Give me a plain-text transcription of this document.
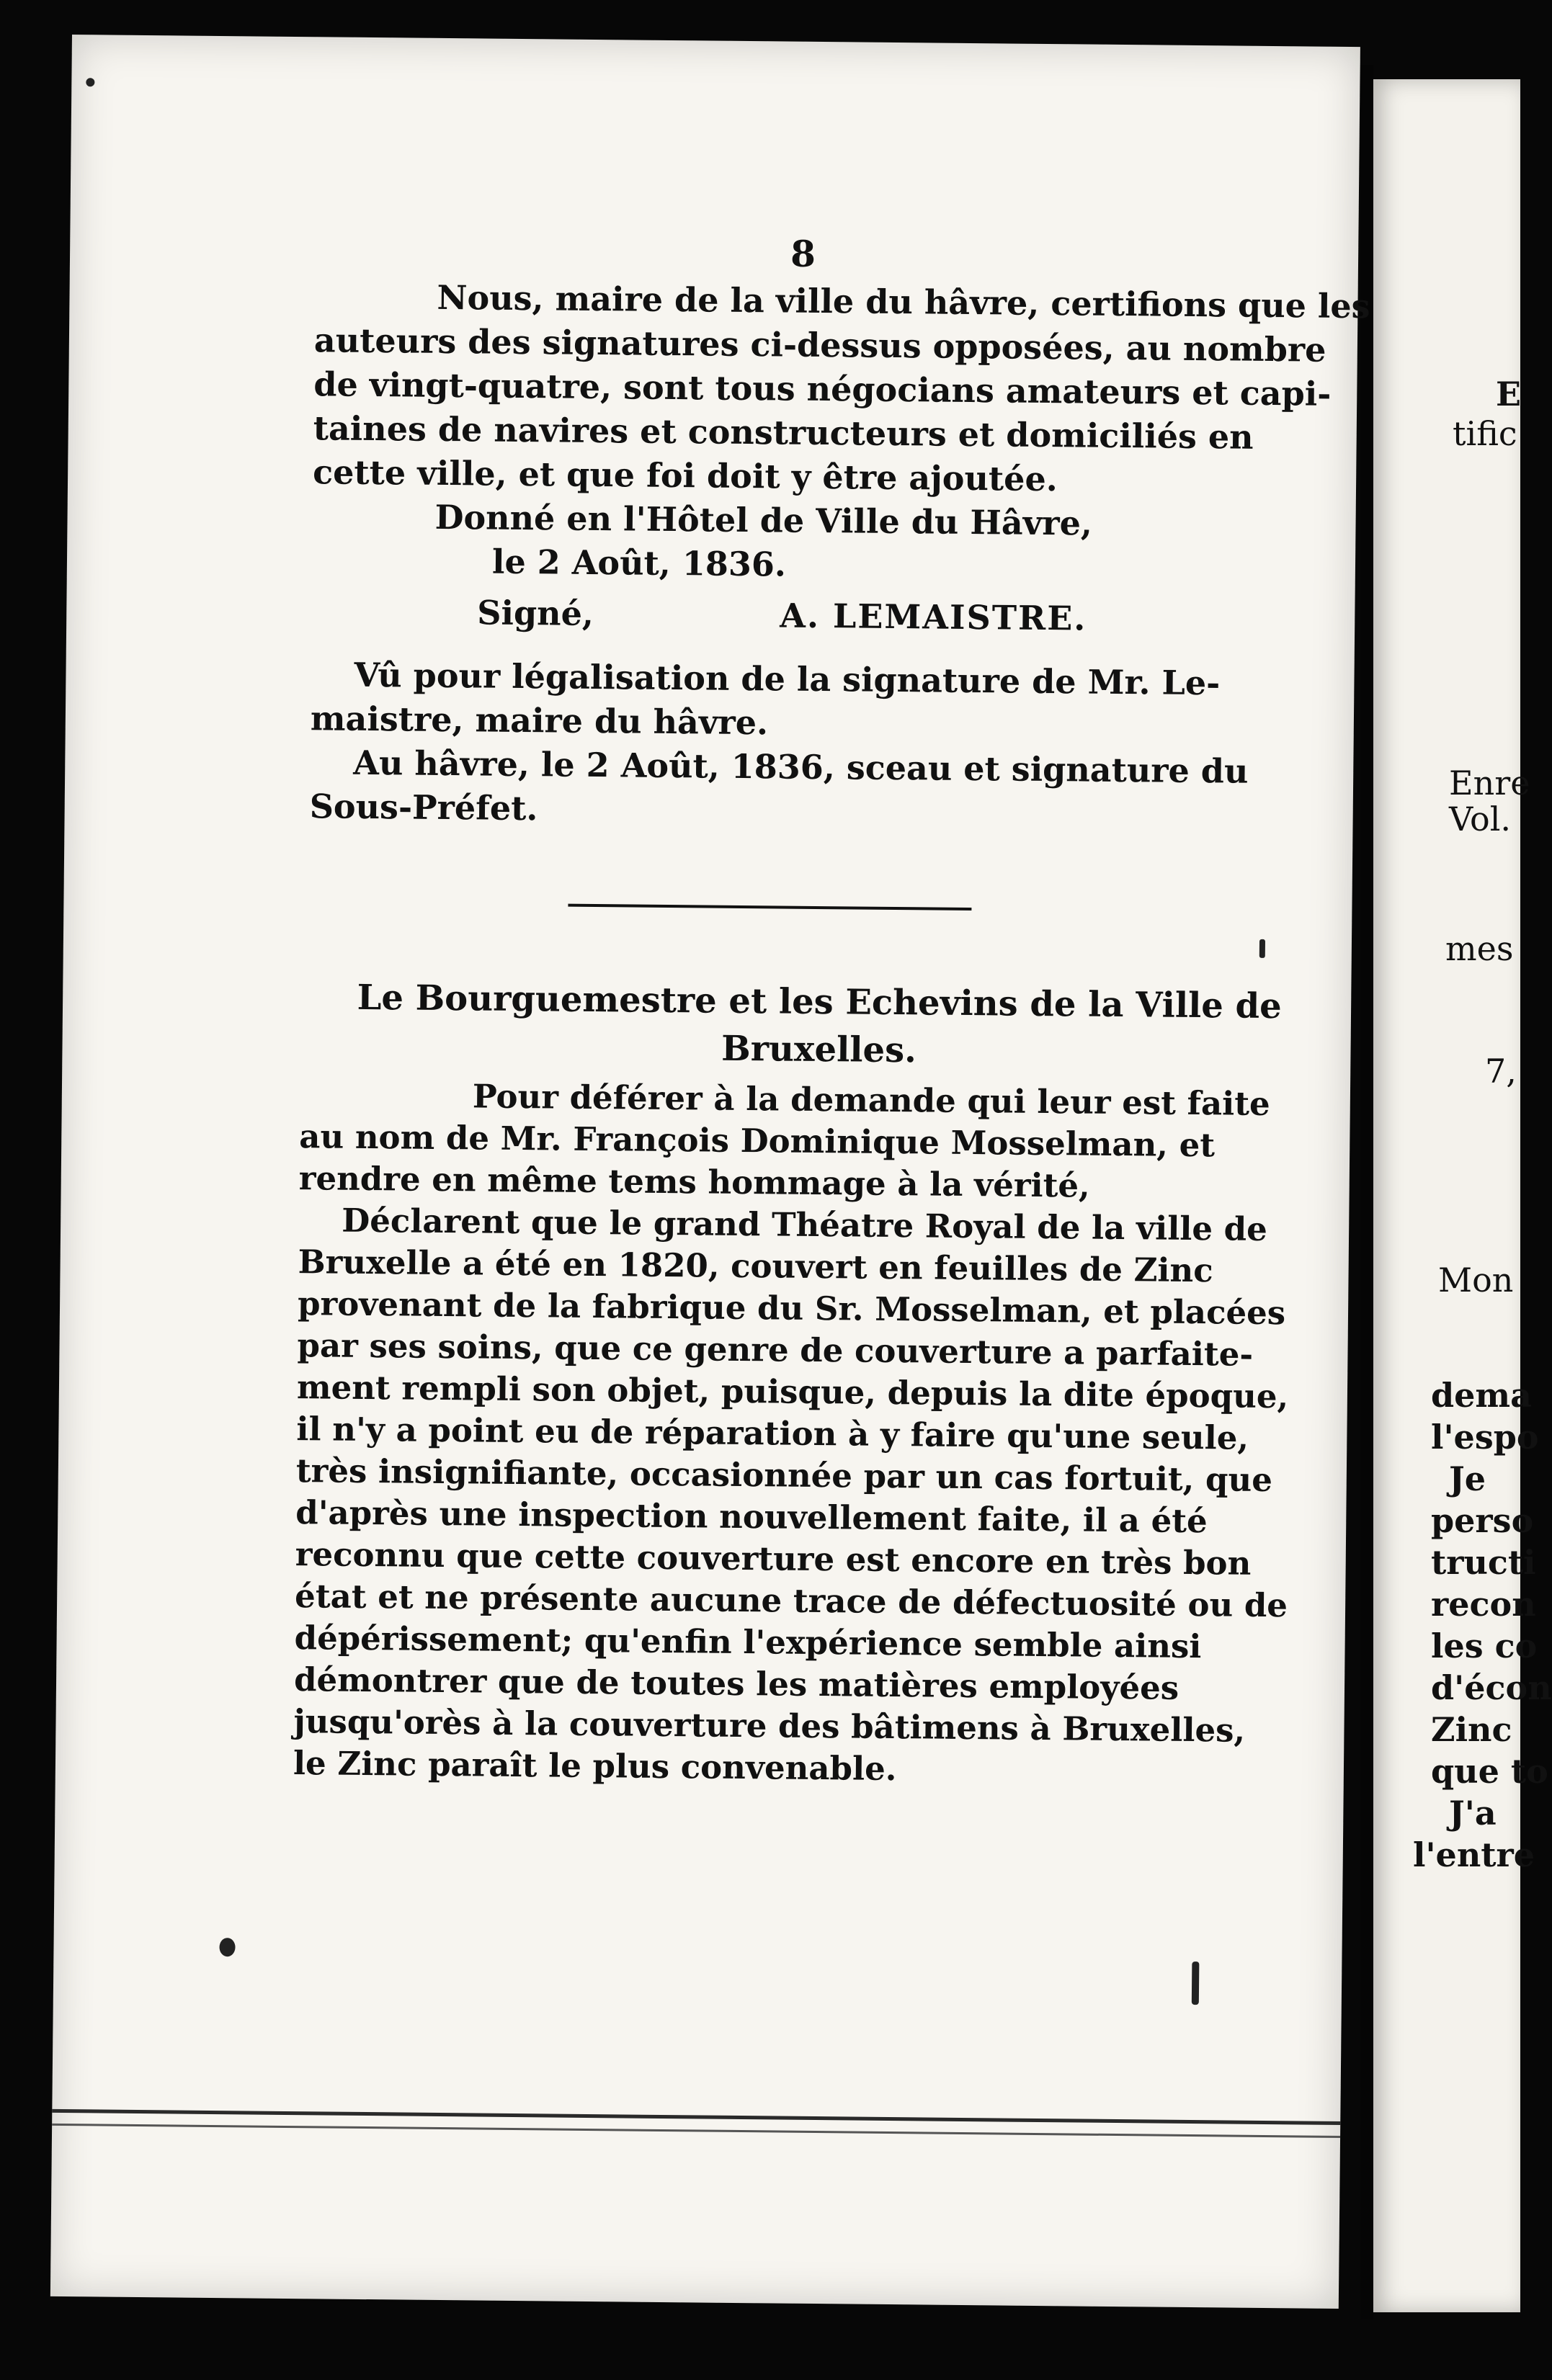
8

Nous, maire de la ville du hâvre, certifions que les
auteurs des signatures ci-dessus opposées, au nombre
de vingt-quatre, sont tous négocians amateurs et capi-
taines de navires et constructeurs et domiciliés en
cette ville, et que foi doit y être ajoutée.
Donné en l'Hôtel de Ville du Hâvre,
le 2 Août, 1836.

Signé,	A. LEMAISTRE.

Vû pour légalisation de la signature de Mr. Le-
maistre, maire du hâvre.
Au hâvre, le 2 Août, 1836, sceau et signature du
Sous-Préfet.

Le Bourguemestre et les Echevins de la Ville de
Bruxelles.

Pour déférer à la demande qui leur est faite
au nom de Mr. François Dominique Mosselman, et
rendre en même tems hommage à la vérité,
Déclarent que le grand Théatre Royal de la ville de
Bruxelle a été en 1820, couvert en feuilles de Zinc
provenant de la fabrique du Sr. Mosselman, et placées
par ses soins, que ce genre de couverture a parfaite-
ment rempli son objet, puisque, depuis la dite époque,
il n'y a point eu de réparation à y faire qu'une seule,
très insignifiante, occasionnée par un cas fortuit, que
d'après une inspection nouvellement faite, il a été
reconnu que cette couverture est encore en très bon
état et ne présente aucune trace de défectuosité ou de
dépérissement; qu'enfin l'expérience semble ainsi
démontrer que de toutes les matières employées
jusqu'orès à la couverture des bâtimens à Bruxelles,
le Zinc paraît le plus convenable.

E
tific
Enre
Vol.
mes
7,
Mon
dema
l'espo
Je
perso
tructi
recon
les co
d'écon
Zinc
que to
J'a
l'entre
